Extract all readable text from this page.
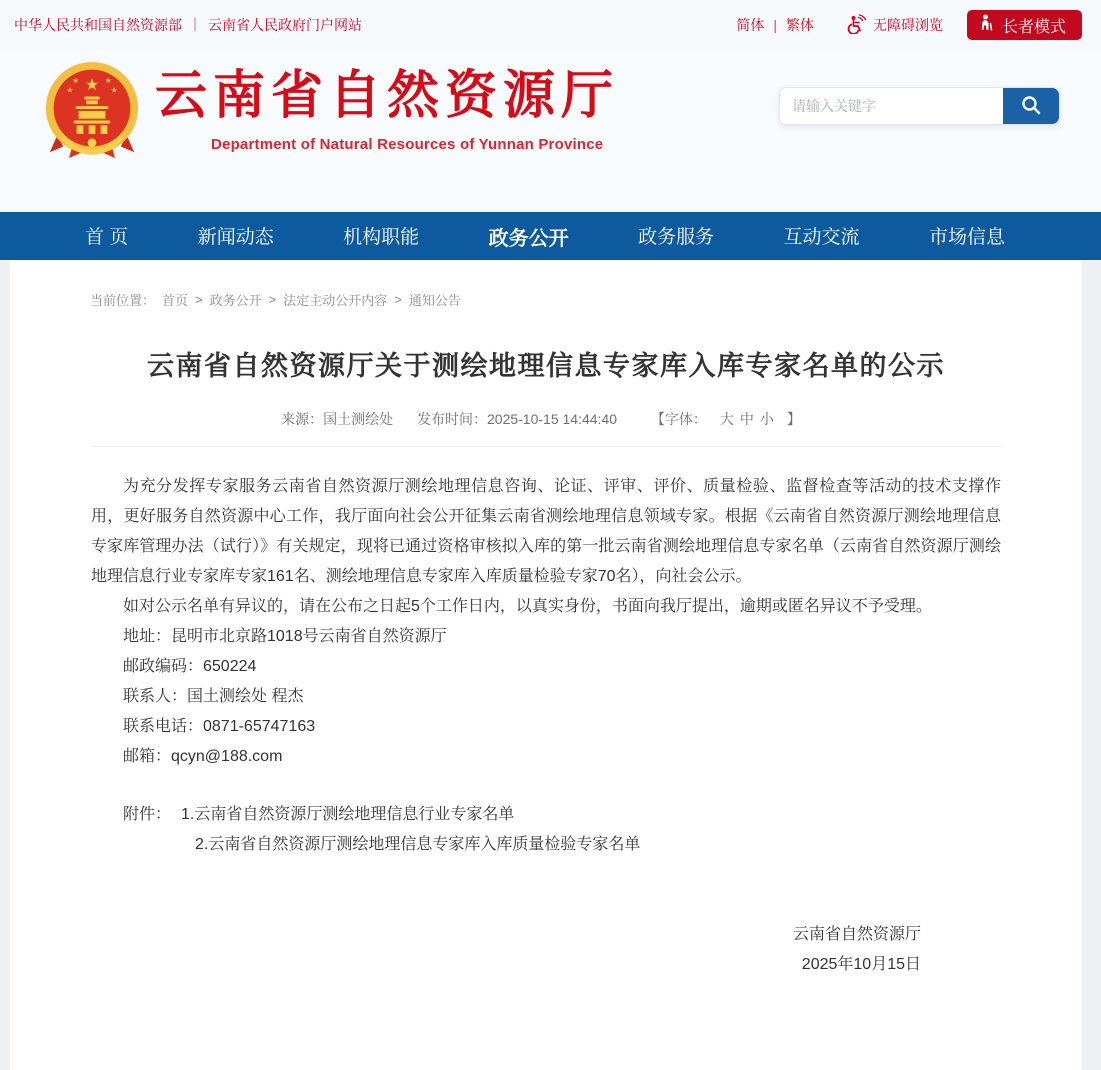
中华人民共和国自然资源部 ｜ 云南省人民政府门户网站	简体 | 繁体	无障碍浏览	长者模式
★
★	★
★	★ 云南省自然资源厅
Department of Natural Resources of Yunnan Province
请输入关键字
首 页	新闻动态	机构职能	政务公开	政务服务	互动交流	市场信息
当前位置： 首页 > 政务公开 > 法定主动公开内容 > 通知公告
云南省自然资源厅关于测绘地理信息专家库入库专家名单的公示
来源：国土测绘处 发布时间：2025-10-15 14:44:40 【字体： 大 中 小 】

为充分发挥专家服务云南省自然资源厅测绘地理信息咨询、论证、评审、评价、质量检验、监督检查等活动的技术支撑作用，更好服务自然资源中心工作，我厅面向社会公开征集云南省测绘地理信息领域专家。根据《云南省自然资源厅测绘地理信息专家库管理办法（试行）》有关规定，现将已通过资格审核拟入库的第一批云南省测绘地理信息专家名单（云南省自然资源厅测绘地理信息行业专家库专家161名、测绘地理信息专家库入库质量检验专家70名），向社会公示。

如对公示名单有异议的，请在公布之日起5个工作日内，以真实身份，书面向我厅提出，逾期或匿名异议不予受理。

地址：昆明市北京路1018号云南省自然资源厅

邮政编码：650224

联系人：国土测绘处 程杰

联系电话：0871-65747163

邮箱：qcyn@188.com

附件： 1.云南省自然资源厅测绘地理信息行业专家名单
2.云南省自然资源厅测绘地理信息专家库入库质量检验专家名单
云南省自然资源厅
2025年10月15日
